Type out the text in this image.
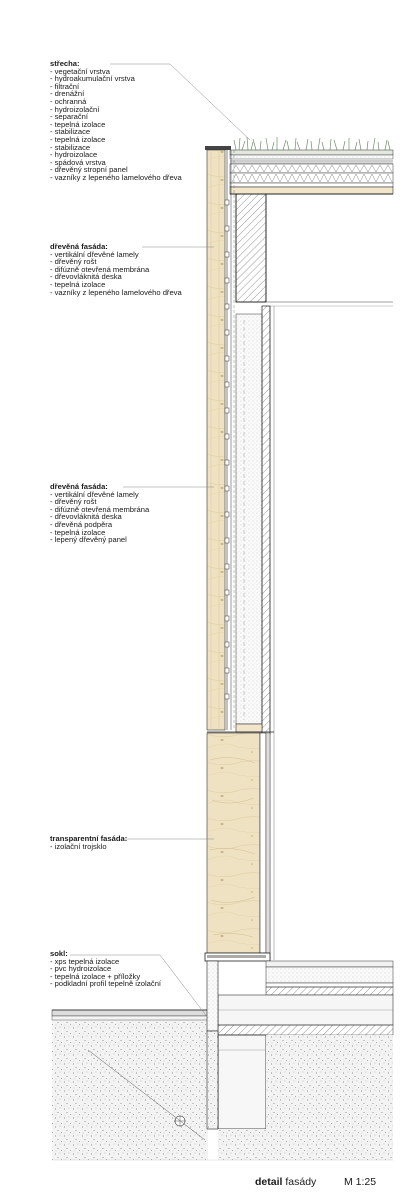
střecha:
- vegetační vrstva
- hydroakumulační vrstva
- filtrační
- drenážní
- ochranná
- hydroizolační
- separační
- tepelná izolace
- stabilizace
- tepelná izolace
- stabilizace
- hydroizolace
- spádová vrstva
- dřevěný stropní panel
- vazníky z lepeného lamelového dřeva
dřevěná fasáda:
- vertikální dřevěné lamely
- dřevěný rošt
- difúzně otevřená membrána
- dřevovláknitá deska
- tepelná izolace
- vazníky z lepeného lamelového dřeva
dřevěná fasáda:
- vertikální dřevěné lamely
- dřevěný rošt
- difúzně otevřená membrána
- dřevovláknitá deska
- dřevěná podpěra
- tepelná izolace
- lepený dřevěný panel
transparentní fasáda:
- izolační trojsklo
sokl:
- xps tepelná izolace
- pvc hydroizolace
- tepelná izolace + příložky
- podkladní profil tepelně izolační
detail fasády	M 1:25
